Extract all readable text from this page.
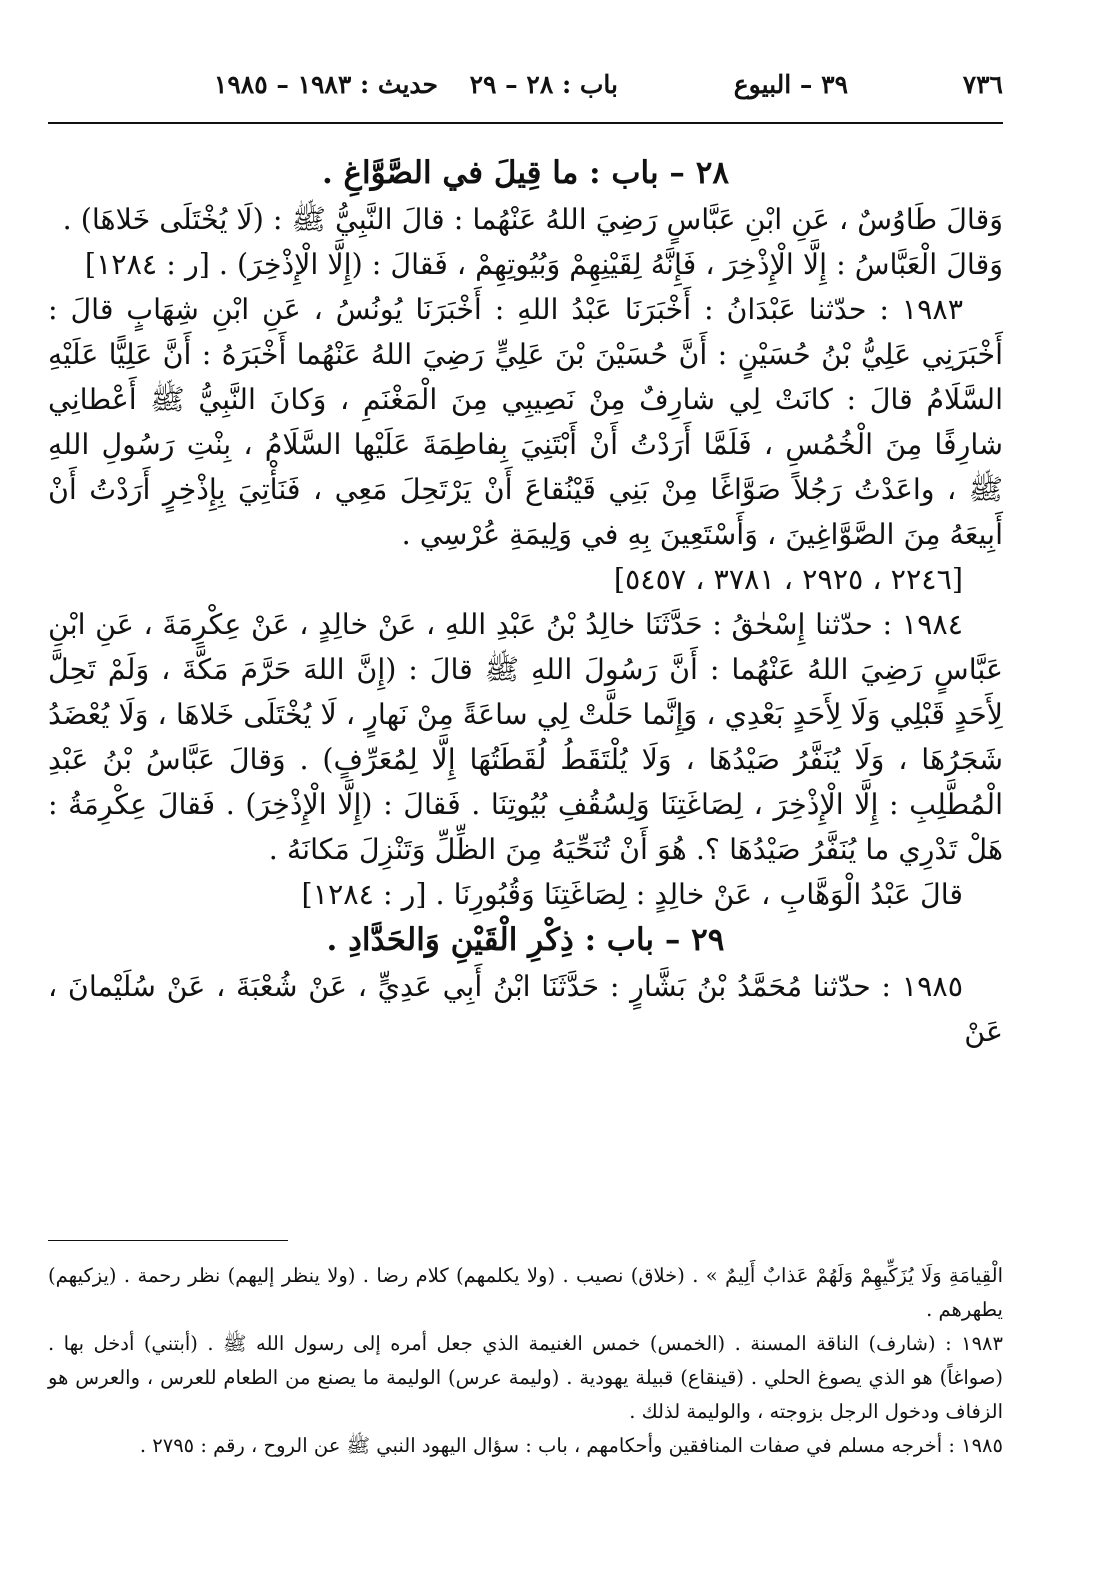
٧٣٦
٣٩ – البيوع
باب : ٢٨ – ٢٩
حديث : ١٩٨٣ – ١٩٨٥

٢٨ – باب : ما قِيلَ في الصَّوَّاغِ .

وَقالَ طَاوُسٌ ، عَنِ ابْنِ عَبَّاسٍ رَضِيَ اللهُ عَنْهُما : قالَ النَّبِيُّ ﷺ : (لَا يُخْتَلَى خَلاهَا) .

وَقالَ الْعَبَّاسُ : إِلَّا الْإِذْخِرَ ، فَإِنَّهُ لِقَيْنِهِمْ وَبُيُوتِهِمْ ، فَقالَ : (إِلَّا الْإِذْخِرَ) . [ر : ١٢٨٤]

١٩٨٣ : حدّثنا عَبْدَانُ : أَخْبَرَنَا عَبْدُ اللهِ : أَخْبَرَنَا يُونُسُ ، عَنِ ابْنِ شِهَابٍ قالَ : أَخْبَرَنِي عَلِيُّ بْنُ حُسَيْنٍ : أَنَّ حُسَيْنَ بْنَ عَلِيٍّ رَضِيَ اللهُ عَنْهُما أَخْبَرَهُ : أَنَّ عَلِيًّا عَلَيْهِ السَّلَامُ قالَ : كانَتْ لِي شارِفٌ مِنْ نَصِيبِي مِنَ الْمَغْنَمِ ، وَكانَ النَّبِيُّ ﷺ أَعْطانِي شارِفًا مِنَ الْخُمُسِ ، فَلَمَّا أَرَدْتُ أَنْ أَبْتَنِيَ بِفاطِمَةَ عَلَيْها السَّلَامُ ، بِنْتِ رَسُولِ اللهِ ﷺ ، واعَدْتُ رَجُلاً صَوَّاغًا مِنْ بَنِي قَيْنُقاعَ أَنْ يَرْتَحِلَ مَعِي ، فَنَأْتِيَ بِإِذْخِرٍ أَرَدْتُ أَنْ أَبِيعَهُ مِنَ الصَّوَّاغِينَ ، وَأَسْتَعِينَ بِهِ في وَلِيمَةِ عُرْسِي .

[٢٢٤٦ ، ٢٩٢٥ ، ٣٧٨١ ، ٥٤٥٧]

١٩٨٤ : حدّثنا إِسْحٰقُ : حَدَّثَنَا خالِدُ بْنُ عَبْدِ اللهِ ، عَنْ خالِدٍ ، عَنْ عِكْرِمَةَ ، عَنِ ابْنِ عَبَّاسٍ رَضِيَ اللهُ عَنْهُما : أَنَّ رَسُولَ اللهِ ﷺ قالَ : (إِنَّ اللهَ حَرَّمَ مَكَّةَ ، وَلَمْ تَحِلَّ لِأَحَدٍ قَبْلِي وَلَا لِأَحَدٍ بَعْدِي ، وَإِنَّما حَلَّتْ لِي ساعَةً مِنْ نَهارٍ ، لَا يُخْتَلَى خَلاهَا ، وَلَا يُعْضَدُ شَجَرُهَا ، وَلَا يُنَفَّرُ صَيْدُهَا ، وَلَا يُلْتَقَطُ لُقَطَتُهَا إِلَّا لِمُعَرِّفٍ) . وَقالَ عَبَّاسُ بْنُ عَبْدِ الْمُطَّلِبِ : إِلَّا الْإِذْخِرَ ، لِصَاغَتِنَا وَلِسُقُفِ بُيُوتِنَا . فَقالَ : (إِلَّا الْإِذْخِرَ) . فَقالَ عِكْرِمَةُ : هَلْ تَدْرِي ما يُنَفَّرُ صَيْدُهَا ؟. هُوَ أَنْ تُنَحِّيَهُ مِنَ الظِّلِّ وَتَنْزِلَ مَكانَهُ .

قالَ عَبْدُ الْوَهَّابِ ، عَنْ خالِدٍ : لِصَاغَتِنَا وَقُبُورِنَا . [ر : ١٢٨٤]

٢٩ – باب : ذِكْرِ الْقَيْنِ وَالحَدَّادِ .

١٩٨٥ : حدّثنا مُحَمَّدُ بْنُ بَشَّارٍ : حَدَّثَنَا ابْنُ أَبِي عَدِيٍّ ، عَنْ شُعْبَةَ ، عَنْ سُلَيْمانَ ، عَنْ

الْقِيامَةِ وَلَا يُزَكِّيهِمْ وَلَهُمْ عَذابٌ أَلِيمٌ » . (خلاق) نصيب . (ولا يكلمهم) كلام رضا . (ولا ينظر إليهم) نظر رحمة . (يزكيهم) يطهرهم .

١٩٨٣ : (شارف) الناقة المسنة . (الخمس) خمس الغنيمة الذي جعل أمره إلى رسول الله ﷺ . (أبتني) أدخل بها . (صواغاً) هو الذي يصوغ الحلي . (قينقاع) قبيلة يهودية . (وليمة عرس) الوليمة ما يصنع من الطعام للعرس ، والعرس هو الزفاف ودخول الرجل بزوجته ، والوليمة لذلك .

١٩٨٥ : أخرجه مسلم في صفات المنافقين وأحكامهم ، باب : سؤال اليهود النبي ﷺ عن الروح ، رقم : ٢٧٩٥ .
